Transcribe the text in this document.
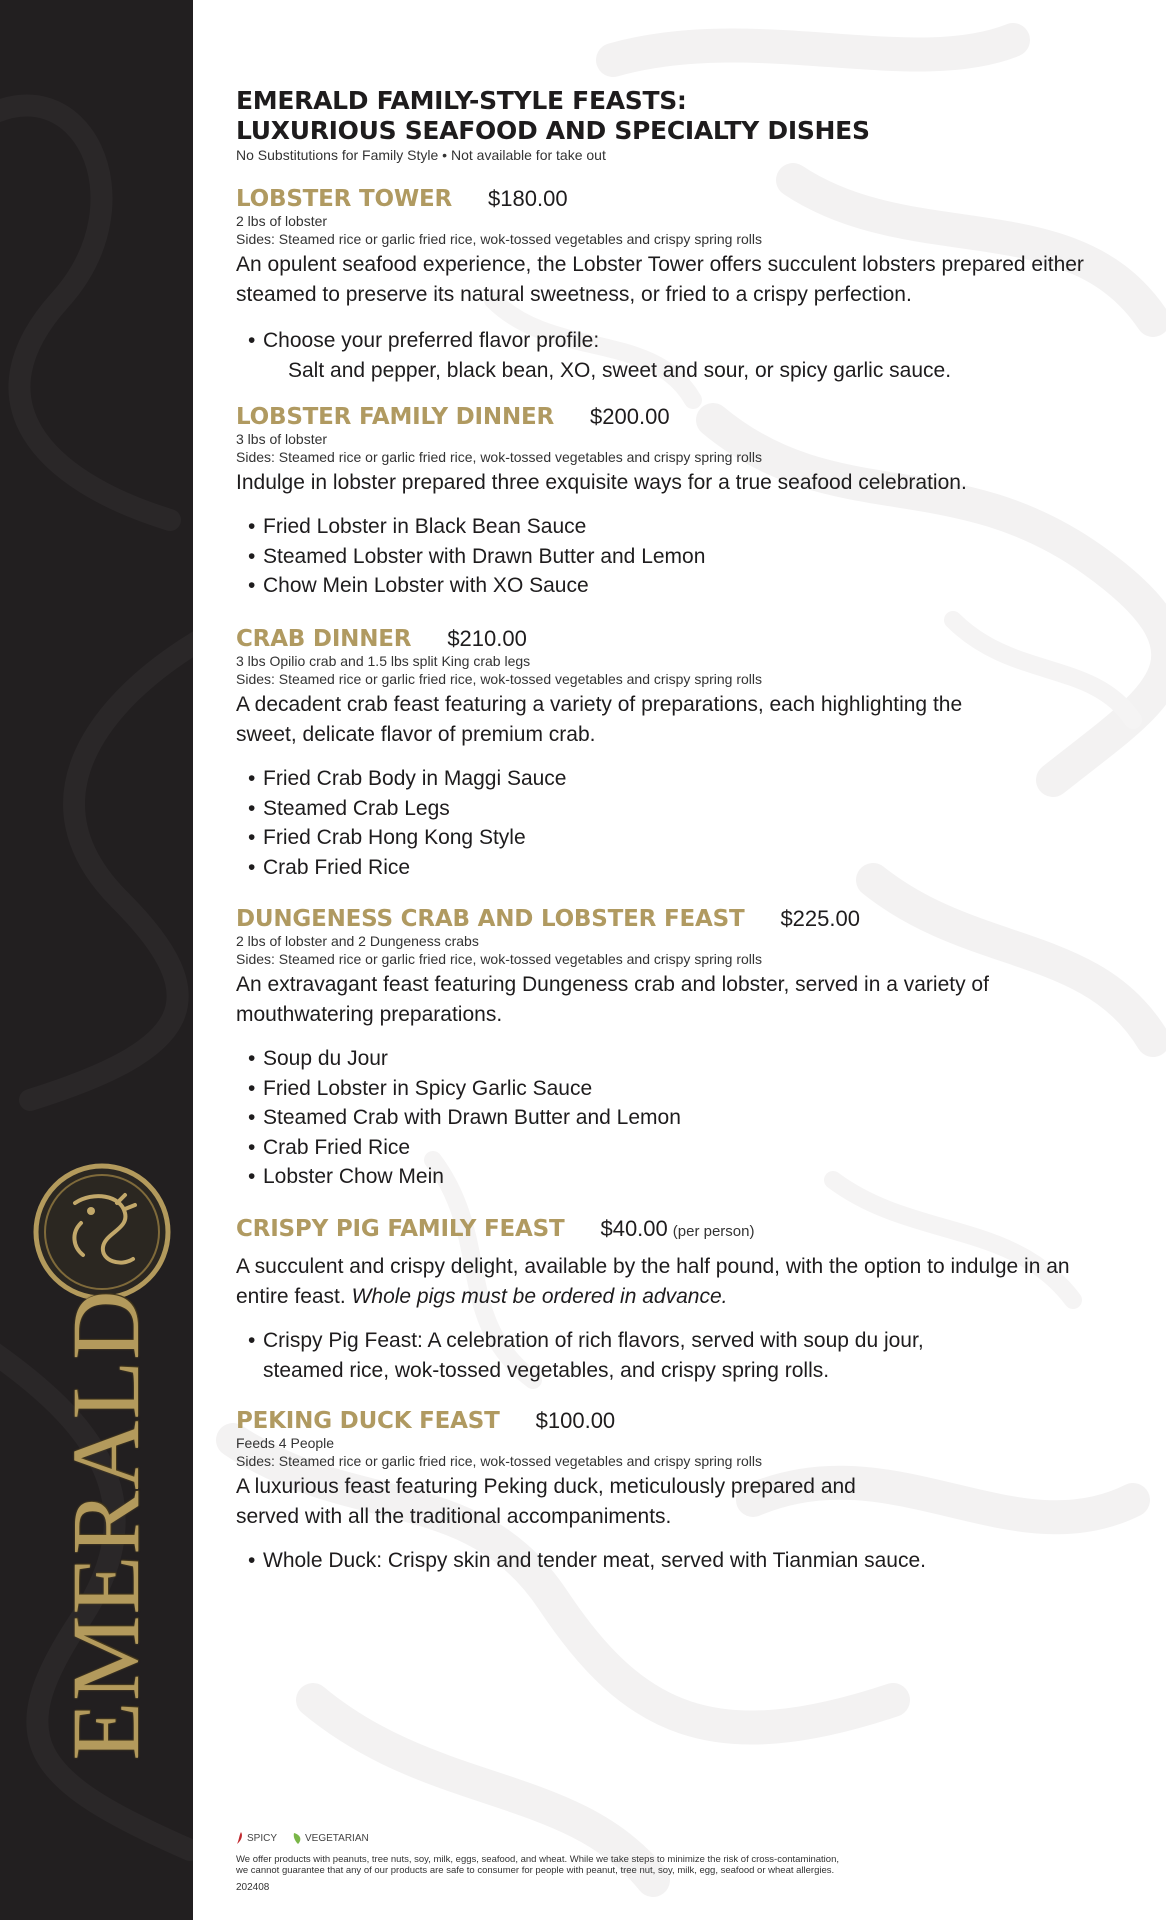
EMERALD
EMERALD FAMILY-STYLE FEASTS:
LUXURIOUS SEAFOOD AND SPECIALTY DISHES
No Substitutions for Family Style • Not available for take out
LOBSTER TOWER $180.00
2 lbs of lobster
Sides: Steamed rice or garlic fried rice, wok-tossed vegetables and crispy spring rolls
An opulent seafood experience, the Lobster Tower offers succulent lobsters prepared either steamed to preserve its natural sweetness, or fried to a crispy perfection.
• Choose your preferred flavor profile:
Salt and pepper, black bean, XO, sweet and sour, or spicy garlic sauce.
LOBSTER FAMILY DINNER $200.00
3 lbs of lobster
Sides: Steamed rice or garlic fried rice, wok-tossed vegetables and crispy spring rolls
Indulge in lobster prepared three exquisite ways for a true seafood celebration.
• Fried Lobster in Black Bean Sauce
• Steamed Lobster with Drawn Butter and Lemon
• Chow Mein Lobster with XO Sauce
CRAB DINNER $210.00
3 lbs Opilio crab and 1.5 lbs split King crab legs
Sides: Steamed rice or garlic fried rice, wok-tossed vegetables and crispy spring rolls
A decadent crab feast featuring a variety of preparations, each highlighting the sweet, delicate flavor of premium crab.
• Fried Crab Body in Maggi Sauce
• Steamed Crab Legs
• Fried Crab Hong Kong Style
• Crab Fried Rice
DUNGENESS CRAB AND LOBSTER FEAST $225.00
2 lbs of lobster and 2 Dungeness crabs
Sides: Steamed rice or garlic fried rice, wok-tossed vegetables and crispy spring rolls
An extravagant feast featuring Dungeness crab and lobster, served in a variety of mouthwatering preparations.
• Soup du Jour
• Fried Lobster in Spicy Garlic Sauce
• Steamed Crab with Drawn Butter and Lemon
• Crab Fried Rice
• Lobster Chow Mein
CRISPY PIG FAMILY FEAST $40.00 (per person)
A succulent and crispy delight, available by the half pound, with the option to indulge in an entire feast. Whole pigs must be ordered in advance.
• Crispy Pig Feast: A celebration of rich flavors, served with soup du jour, steamed rice, wok-tossed vegetables, and crispy spring rolls.
PEKING DUCK FEAST $100.00
Feeds 4 People
Sides: Steamed rice or garlic fried rice, wok-tossed vegetables and crispy spring rolls
A luxurious feast featuring Peking duck, meticulously prepared and served with all the traditional accompaniments.
• Whole Duck: Crispy skin and tender meat, served with Tianmian sauce.
SPICY	VEGETARIAN
We offer products with peanuts, tree nuts, soy, milk, eggs, seafood, and wheat. While we take steps to minimize the risk of cross-contamination,
we cannot guarantee that any of our products are safe to consumer for people with peanut, tree nut, soy, milk, egg, seafood or wheat allergies.
202408
